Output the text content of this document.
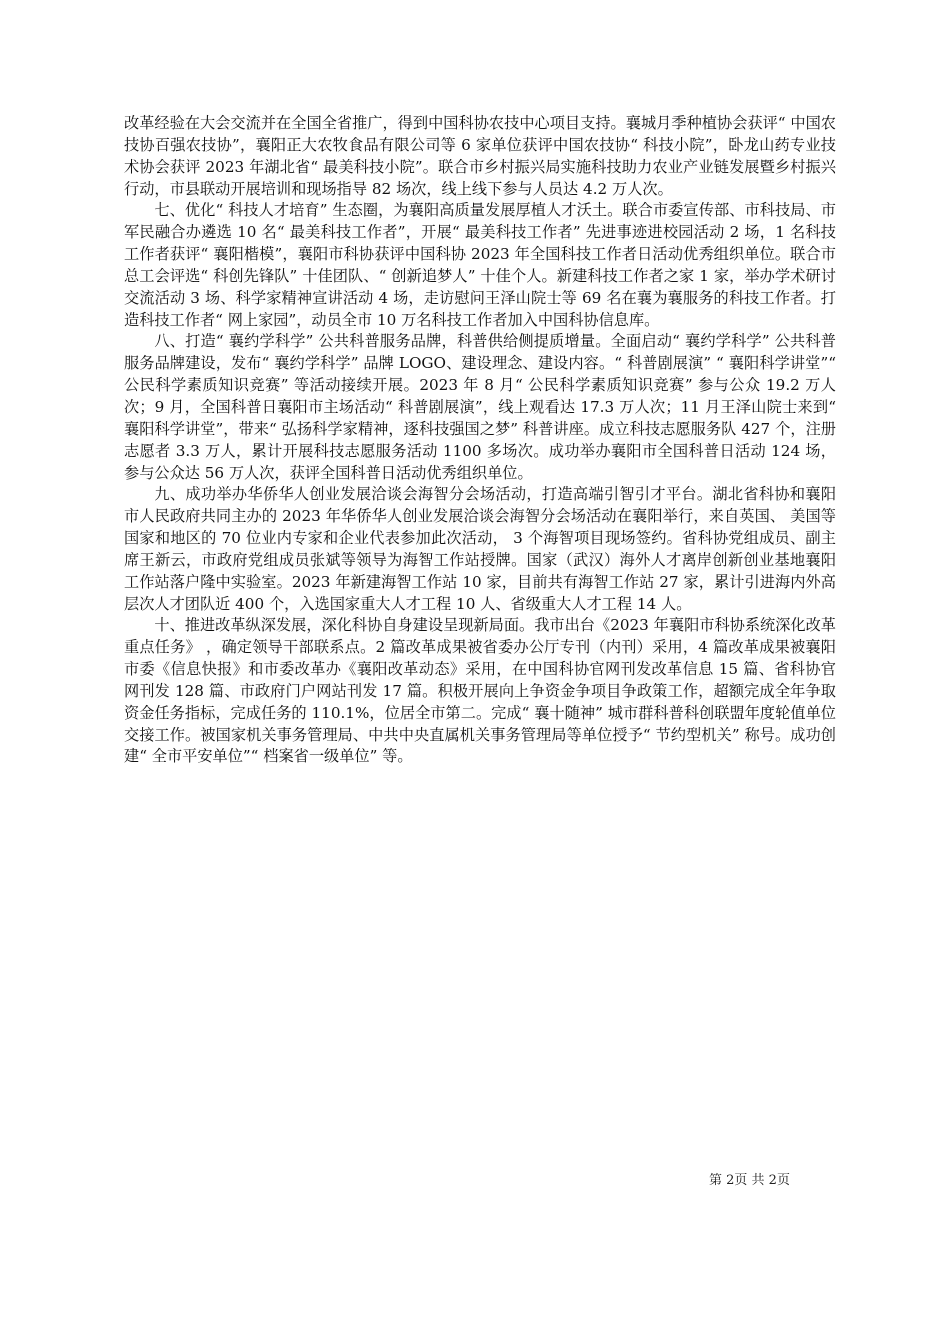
改革经验在大会交流并在全国全省推广，得到中国科协农技中心项目支持。襄城月季种植协会获评“ 中国农技协百强农技协”，襄阳正大农牧食品有限公司等 6 家单位获评中国农技协“ 科技小院”，卧龙山药专业技术协会获评 2023 年湖北省“ 最美科技小院”。联合市乡村振兴局实施科技助力农业产业链发展暨乡村振兴行动，市县联动开展培训和现场指导 82 场次，线上线下参与人员达 4.2 万人次。

七、优化“ 科技人才培育” 生态圈，为襄阳高质量发展厚植人才沃土。联合市委宣传部、市科技局、市军民融合办遴选 10 名“ 最美科技工作者”，开展“ 最美科技工作者” 先进事迹进校园活动 2 场，1 名科技工作者获评“ 襄阳楷模”，襄阳市科协获评中国科协 2023 年全国科技工作者日活动优秀组织单位。联合市总工会评选“ 科创先锋队” 十佳团队、“ 创新追梦人” 十佳个人。新建科技工作者之家 1 家，举办学术研讨交流活动 3 场、科学家精神宣讲活动 4 场，走访慰问王泽山院士等 69 名在襄为襄服务的科技工作者。打造科技工作者“ 网上家园”，动员全市 10 万名科技工作者加入中国科协信息库。

八、打造“ 襄约学科学” 公共科普服务品牌，科普供给侧提质增量。全面启动“ 襄约学科学” 公共科普服务品牌建设，发布“ 襄约学科学” 品牌 LOGO、建设理念、建设内容。“ 科普剧展演” “ 襄阳科学讲堂”“ 公民科学素质知识竞赛” 等活动接续开展。2023 年 8 月“ 公民科学素质知识竞赛” 参与公众 19.2 万人次；9 月，全国科普日襄阳市主场活动“ 科普剧展演”，线上观看达 17.3 万人次；11 月王泽山院士来到“ 襄阳科学讲堂”，带来“ 弘扬科学家精神，逐科技强国之梦” 科普讲座。成立科技志愿服务队 427 个，注册志愿者 3.3 万人，累计开展科技志愿服务活动 1100 多场次。成功举办襄阳市全国科普日活动 124 场，参与公众达 56 万人次，获评全国科普日活动优秀组织单位。

九、成功举办华侨华人创业发展洽谈会海智分会场活动，打造高端引智引才平台。湖北省科协和襄阳市人民政府共同主办的 2023 年华侨华人创业发展洽谈会海智分会场活动在襄阳举行，来自英国、 美国等国家和地区的 70 位业内专家和企业代表参加此次活动， 3 个海智项目现场签约。省科协党组成员、副主席王新云，市政府党组成员张斌等领导为海智工作站授牌。国家（武汉）海外人才离岸创新创业基地襄阳工作站落户隆中实验室。2023 年新建海智工作站 10 家，目前共有海智工作站 27 家，累计引进海内外高层次人才团队近 400 个，入选国家重大人才工程 10 人、省级重大人才工程 14 人。

十、推进改革纵深发展，深化科协自身建设呈现新局面。我市出台《2023 年襄阳市科协系统深化改革重点任务》 ，确定领导干部联系点。2 篇改革成果被省委办公厅专刊（内刊）采用，4 篇改革成果被襄阳市委《信息快报》和市委改革办《襄阳改革动态》采用，在中国科协官网刊发改革信息 15 篇、省科协官网刊发 128 篇、市政府门户网站刊发 17 篇。积极开展向上争资金争项目争政策工作，超额完成全年争取资金任务指标，完成任务的 110.1%，位居全市第二。完成“ 襄十随神” 城市群科普科创联盟年度轮值单位交接工作。被国家机关事务管理局、中共中央直属机关事务管理局等单位授予“ 节约型机关” 称号。成功创建“ 全市平安单位”“ 档案省一级单位” 等。

第 2页 共 2页
